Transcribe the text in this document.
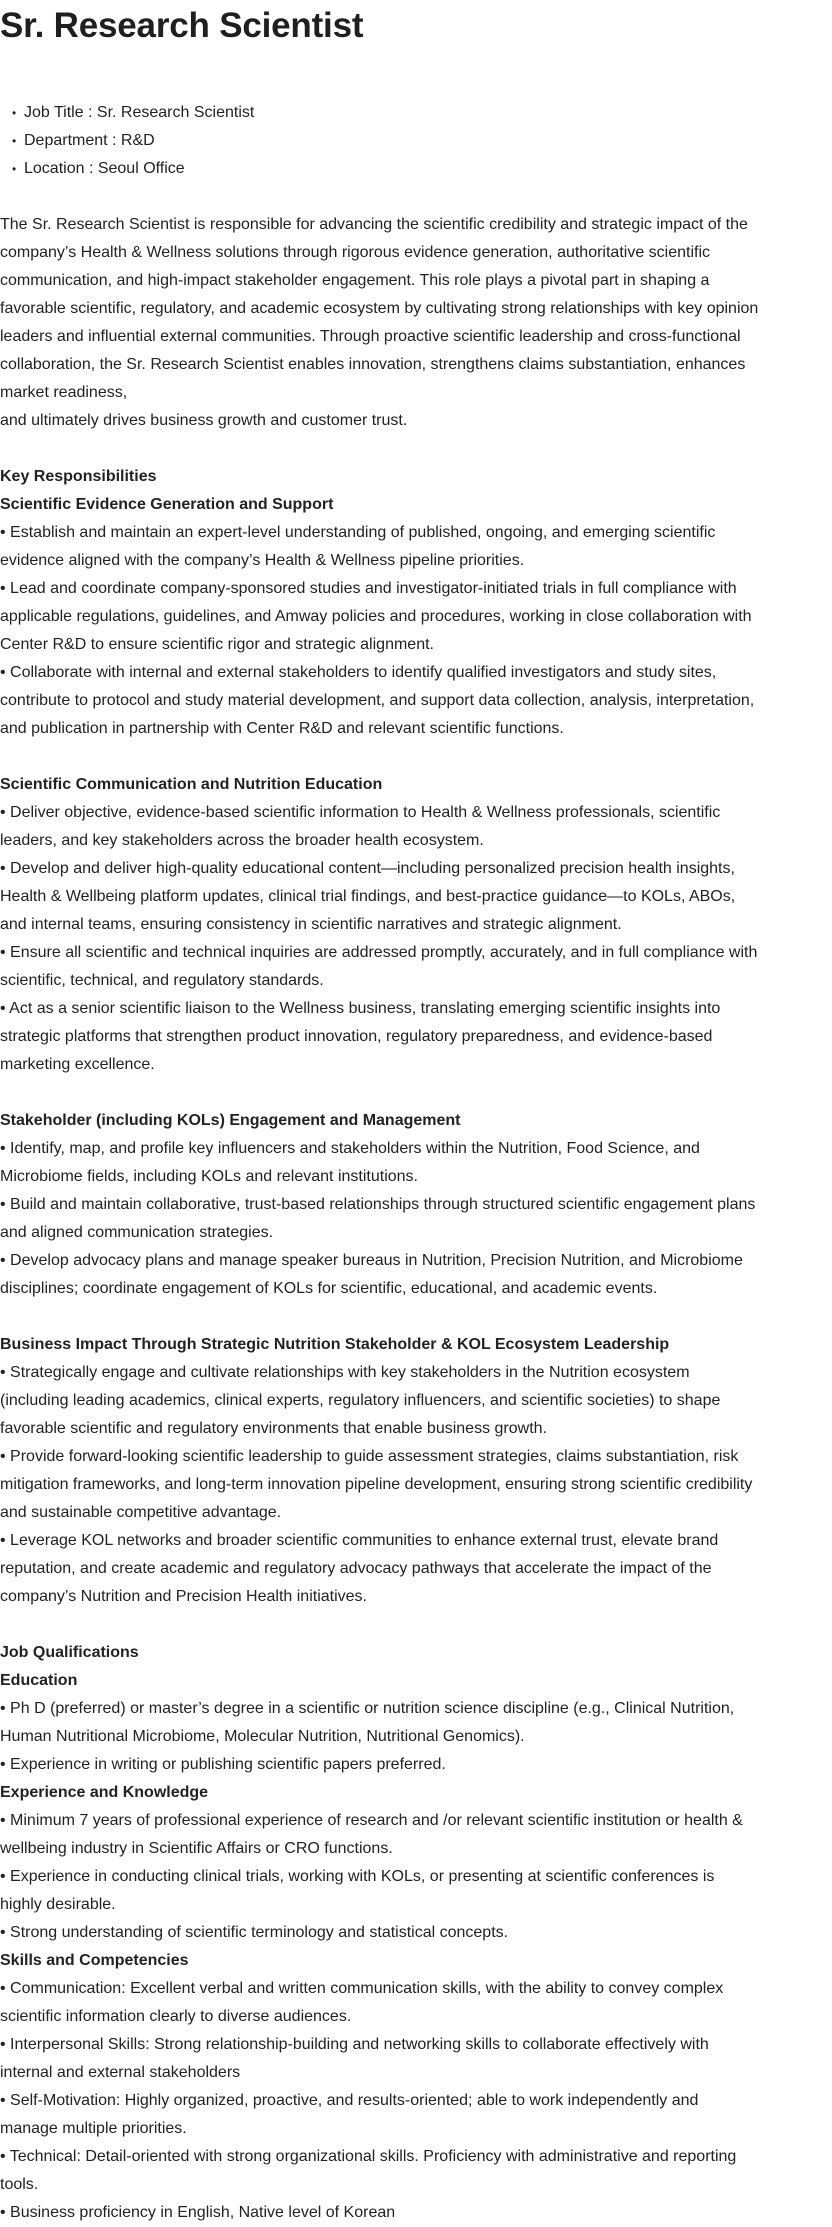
Sr. Research Scientist
• Job Title : Sr. Research Scientist
• Department : R&D
• Location : Seoul Office
The Sr. Research Scientist is responsible for advancing the scientific credibility and strategic impact of the company’s Health & Wellness solutions through rigorous evidence generation, authoritative scientific communication, and high-impact stakeholder engagement. This role plays a pivotal part in shaping a favorable scientific, regulatory, and academic ecosystem by cultivating strong relationships with key opinion leaders and influential external communities. Through proactive scientific leadership and cross-functional collaboration, the Sr. Research Scientist enables innovation, strengthens claims substantiation, enhances market readiness,
and ultimately drives business growth and customer trust.
Key Responsibilities
Scientific Evidence Generation and Support
• Establish and maintain an expert-level understanding of published, ongoing, and emerging scientific evidence aligned with the company’s Health & Wellness pipeline priorities.
• Lead and coordinate company-sponsored studies and investigator-initiated trials in full compliance with applicable regulations, guidelines, and Amway policies and procedures, working in close collaboration with Center R&D to ensure scientific rigor and strategic alignment.
• Collaborate with internal and external stakeholders to identify qualified investigators and study sites, contribute to protocol and study material development, and support data collection, analysis, interpretation, and publication in partnership with Center R&D and relevant scientific functions.
Scientific Communication and Nutrition Education
• Deliver objective, evidence-based scientific information to Health & Wellness professionals, scientific leaders, and key stakeholders across the broader health ecosystem.
• Develop and deliver high-quality educational content—including personalized precision health insights, Health & Wellbeing platform updates, clinical trial findings, and best-practice guidance—to KOLs, ABOs, and internal teams, ensuring consistency in scientific narratives and strategic alignment.
• Ensure all scientific and technical inquiries are addressed promptly, accurately, and in full compliance with scientific, technical, and regulatory standards.
• Act as a senior scientific liaison to the Wellness business, translating emerging scientific insights into strategic platforms that strengthen product innovation, regulatory preparedness, and evidence-based marketing excellence.
Stakeholder (including KOLs) Engagement and Management
• Identify, map, and profile key influencers and stakeholders within the Nutrition, Food Science, and Microbiome fields, including KOLs and relevant institutions.
• Build and maintain collaborative, trust-based relationships through structured scientific engagement plans and aligned communication strategies.
• Develop advocacy plans and manage speaker bureaus in Nutrition, Precision Nutrition, and Microbiome disciplines; coordinate engagement of KOLs for scientific, educational, and academic events.
Business Impact Through Strategic Nutrition Stakeholder & KOL Ecosystem Leadership
• Strategically engage and cultivate relationships with key stakeholders in the Nutrition ecosystem (including leading academics, clinical experts, regulatory influencers, and scientific societies) to shape favorable scientific and regulatory environments that enable business growth.
• Provide forward-looking scientific leadership to guide assessment strategies, claims substantiation, risk mitigation frameworks, and long-term innovation pipeline development, ensuring strong scientific credibility and sustainable competitive advantage.
• Leverage KOL networks and broader scientific communities to enhance external trust, elevate brand reputation, and create academic and regulatory advocacy pathways that accelerate the impact of the company’s Nutrition and Precision Health initiatives.
Job Qualifications
Education
• Ph D (preferred) or master’s degree in a scientific or nutrition science discipline (e.g., Clinical Nutrition, Human Nutritional Microbiome, Molecular Nutrition, Nutritional Genomics).
• Experience in writing or publishing scientific papers preferred.
Experience and Knowledge
• Minimum 7 years of professional experience of research and /or relevant scientific institution or health & wellbeing industry in Scientific Affairs or CRO functions.
• Experience in conducting clinical trials, working with KOLs, or presenting at scientific conferences is highly desirable.
• Strong understanding of scientific terminology and statistical concepts.
Skills and Competencies
• Communication: Excellent verbal and written communication skills, with the ability to convey complex scientific information clearly to diverse audiences.
• Interpersonal Skills: Strong relationship-building and networking skills to collaborate effectively with internal and external stakeholders
• Self-Motivation: Highly organized, proactive, and results-oriented; able to work independently and manage multiple priorities.
• Technical: Detail-oriented with strong organizational skills. Proficiency with administrative and reporting tools.
• Business proficiency in English, Native level of Korean
